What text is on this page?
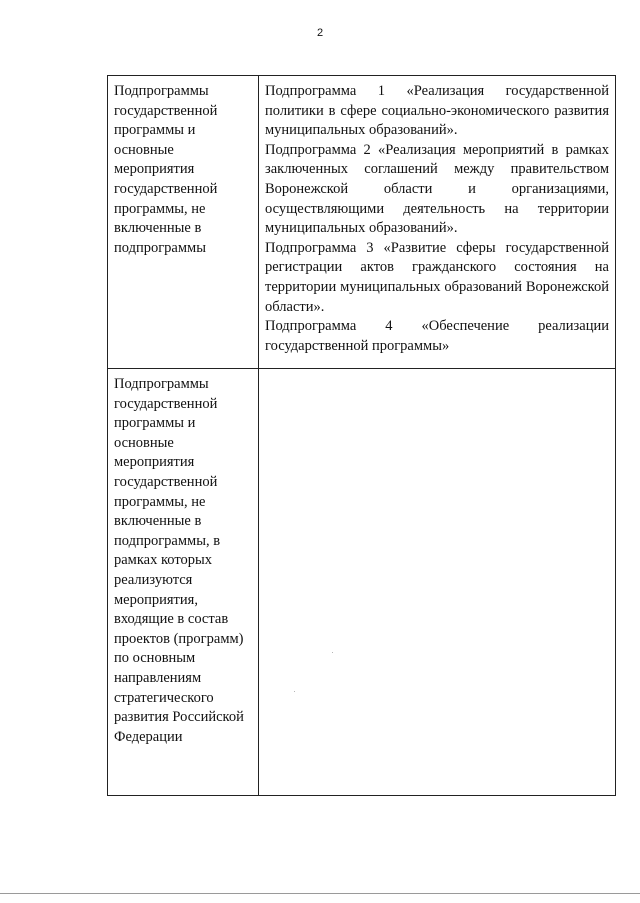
2
Подпрограммы государственной программы и основные мероприятия государственной программы, не включенные в подпрограммы	Подпрограмма 1 «Реализация государственной политики в сфере социально-экономического развития муниципальных образований».

Подпрограмма 2 «Реализация мероприятий в рамках заключенных соглашений между правительством Воронежской области и организациями, осуществляющими деятельность на территории муниципальных образований».

Подпрограмма 3 «Развитие сферы государственной регистрации актов гражданского состояния на территории муниципальных образований Воронежской области».

Подпрограмма 4 «Обеспечение реализации государственной программы»

Подпрограммы государственной программы и основные мероприятия государственной программы, не включенные в подпрограммы, в рамках которых реализуются мероприятия, входящие в состав проектов (программ) по основным направлениям стратегического развития Российской Федерации	
